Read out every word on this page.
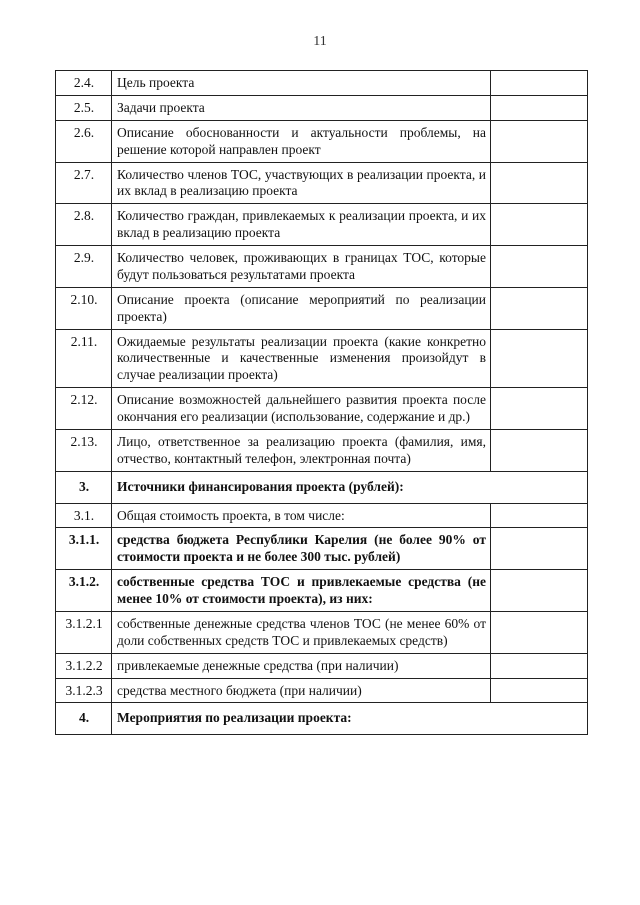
11
2.4.	Цель проекта	
2.5.	Задачи проекта	
2.6.	Описание обоснованности и актуальности проблемы, на решение которой направлен проект	
2.7.	Количество членов ТОС, участвующих в реализации проекта, и их вклад в реализацию проекта	
2.8.	Количество граждан, привлекаемых к реализации проекта, и их вклад в реализацию проекта	
2.9.	Количество человек, проживающих в границах ТОС, которые будут пользоваться результатами проекта	
2.10.	Описание проекта (описание мероприятий по реализации проекта)	
2.11.	Ожидаемые результаты реализации проекта (какие конкретно количественные и качественные изменения произойдут в случае реализации проекта)	
2.12.	Описание возможностей дальнейшего развития проекта после окончания его реализации (использование, содержание и др.)	
2.13.	Лицо, ответственное за реализацию проекта (фамилия, имя, отчество, контактный телефон, электронная почта)	
3.	Источники финансирования проекта (рублей):	
3.1.	Общая стоимость проекта, в том числе:	
3.1.1.	средства бюджета Республики Карелия (не более 90% от стоимости проекта и не более 300 тыс. рублей)	
3.1.2.	собственные средства ТОС и привлекаемые средства (не менее 10% от стоимости проекта), из них:	
3.1.2.1	собственные денежные средства членов ТОС (не менее 60% от доли собственных средств ТОС и привлекаемых средств)	
3.1.2.2	привлекаемые денежные средства (при наличии)	
3.1.2.3	средства местного бюджета (при наличии)	
4.	Мероприятия по реализации проекта:	
